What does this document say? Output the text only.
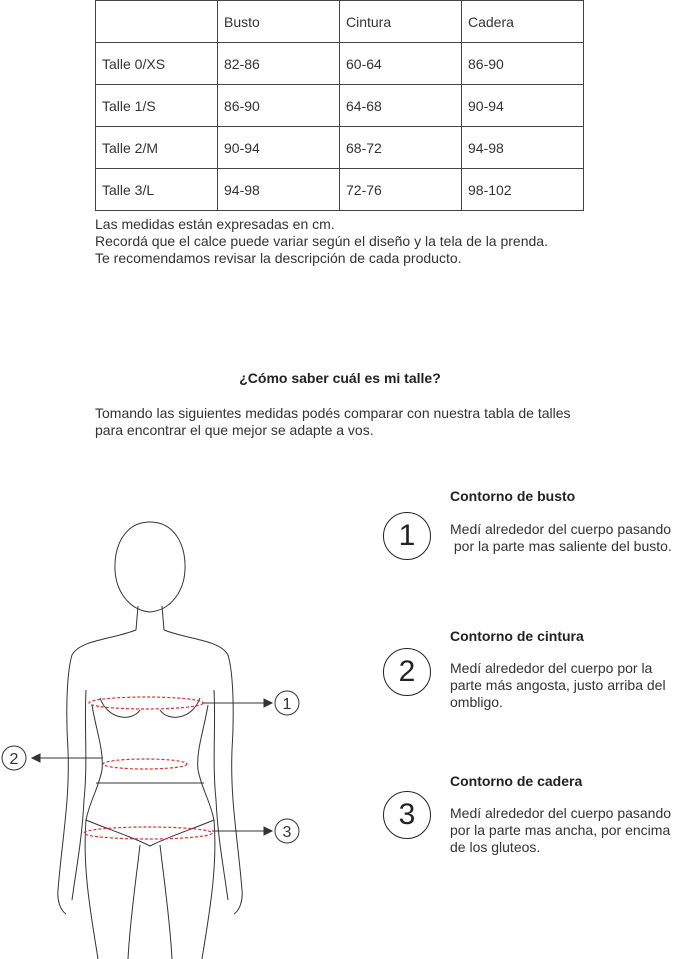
	Busto	Cintura	Cadera
Talle 0/XS	82-86	60-64	86-90
Talle 1/S	86-90	64-68	90-94
Talle 2/M	90-94	68-72	94-98
Talle 3/L	94-98	72-76	98-102
Las medidas están expresadas en cm.
Recordá que el calce puede variar según el diseño y la tela de la prenda.
Te recomendamos revisar la descripción de cada producto.
¿Cómo saber cuál es mi talle?
Tomando las siguientes medidas podés comparar con nuestra tabla de talles para encontrar el que mejor se adapte a vos.
1
2
3
Contorno de busto
1	Medí alrededor del cuerpo pasando
por la parte mas saliente del busto.
Contorno de cintura
2	Medí alrededor del cuerpo por la
parte más angosta, justo arriba del
ombligo.
Contorno de cadera
3	Medí alrededor del cuerpo pasando
por la parte mas ancha, por encima
de los gluteos.
